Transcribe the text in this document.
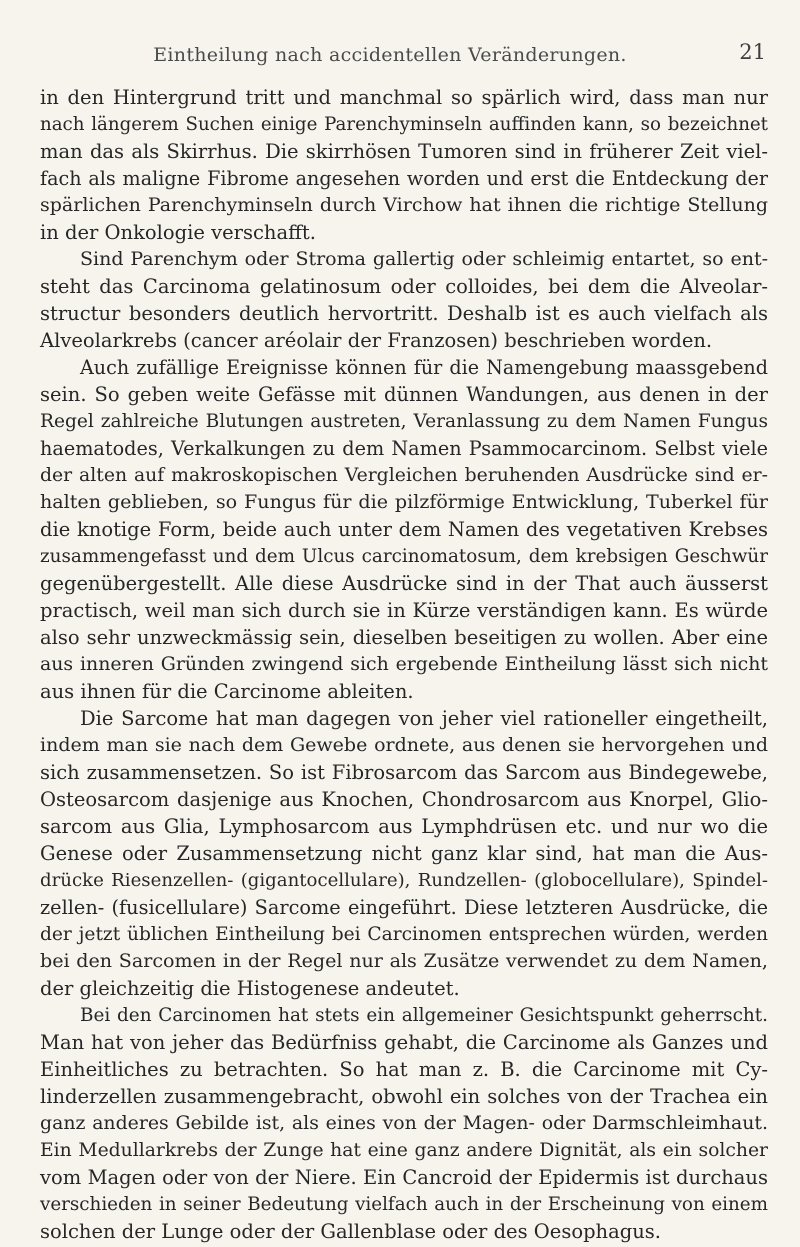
Eintheilung nach accidentellen Veränderungen.	21
in den Hintergrund tritt und manchmal so spärlich wird, dass man nur
nach längerem Suchen einige Parenchyminseln auffinden kann, so bezeichnet
man das als Skirrhus. Die skirrhösen Tumoren sind in früherer Zeit viel-
fach als maligne Fibrome angesehen worden und erst die Entdeckung der
spärlichen Parenchyminseln durch Virchow hat ihnen die richtige Stellung
in der Onkologie verschafft.
Sind Parenchym oder Stroma gallertig oder schleimig entartet, so ent-
steht das Carcinoma gelatinosum oder colloides, bei dem die Alveolar-
structur besonders deutlich hervortritt. Deshalb ist es auch vielfach als
Alveolarkrebs (cancer aréolair der Franzosen) beschrieben worden.
Auch zufällige Ereignisse können für die Namengebung maassgebend
sein. So geben weite Gefässe mit dünnen Wandungen, aus denen in der
Regel zahlreiche Blutungen austreten, Veranlassung zu dem Namen Fungus
haematodes, Verkalkungen zu dem Namen Psammocarcinom. Selbst viele
der alten auf makroskopischen Vergleichen beruhenden Ausdrücke sind er-
halten geblieben, so Fungus für die pilzförmige Entwicklung, Tuberkel für
die knotige Form, beide auch unter dem Namen des vegetativen Krebses
zusammengefasst und dem Ulcus carcinomatosum, dem krebsigen Geschwür
gegenübergestellt. Alle diese Ausdrücke sind in der That auch äusserst
practisch, weil man sich durch sie in Kürze verständigen kann. Es würde
also sehr unzweckmässig sein, dieselben beseitigen zu wollen. Aber eine
aus inneren Gründen zwingend sich ergebende Eintheilung lässt sich nicht
aus ihnen für die Carcinome ableiten.
Die Sarcome hat man dagegen von jeher viel rationeller eingetheilt,
indem man sie nach dem Gewebe ordnete, aus denen sie hervorgehen und
sich zusammensetzen. So ist Fibrosarcom das Sarcom aus Bindegewebe,
Osteosarcom dasjenige aus Knochen, Chondrosarcom aus Knorpel, Glio-
sarcom aus Glia, Lymphosarcom aus Lymphdrüsen etc. und nur wo die
Genese oder Zusammensetzung nicht ganz klar sind, hat man die Aus-
drücke Riesenzellen- (gigantocellulare), Rundzellen- (globocellulare), Spindel-
zellen- (fusicellulare) Sarcome eingeführt. Diese letzteren Ausdrücke, die
der jetzt üblichen Eintheilung bei Carcinomen entsprechen würden, werden
bei den Sarcomen in der Regel nur als Zusätze verwendet zu dem Namen,
der gleichzeitig die Histogenese andeutet.
Bei den Carcinomen hat stets ein allgemeiner Gesichtspunkt geherrscht.
Man hat von jeher das Bedürfniss gehabt, die Carcinome als Ganzes und
Einheitliches zu betrachten. So hat man z. B. die Carcinome mit Cy-
linderzellen zusammengebracht, obwohl ein solches von der Trachea ein
ganz anderes Gebilde ist, als eines von der Magen- oder Darmschleimhaut.
Ein Medullarkrebs der Zunge hat eine ganz andere Dignität, als ein solcher
vom Magen oder von der Niere. Ein Cancroid der Epidermis ist durchaus
verschieden in seiner Bedeutung vielfach auch in der Erscheinung von einem
solchen der Lunge oder der Gallenblase oder des Oesophagus.
